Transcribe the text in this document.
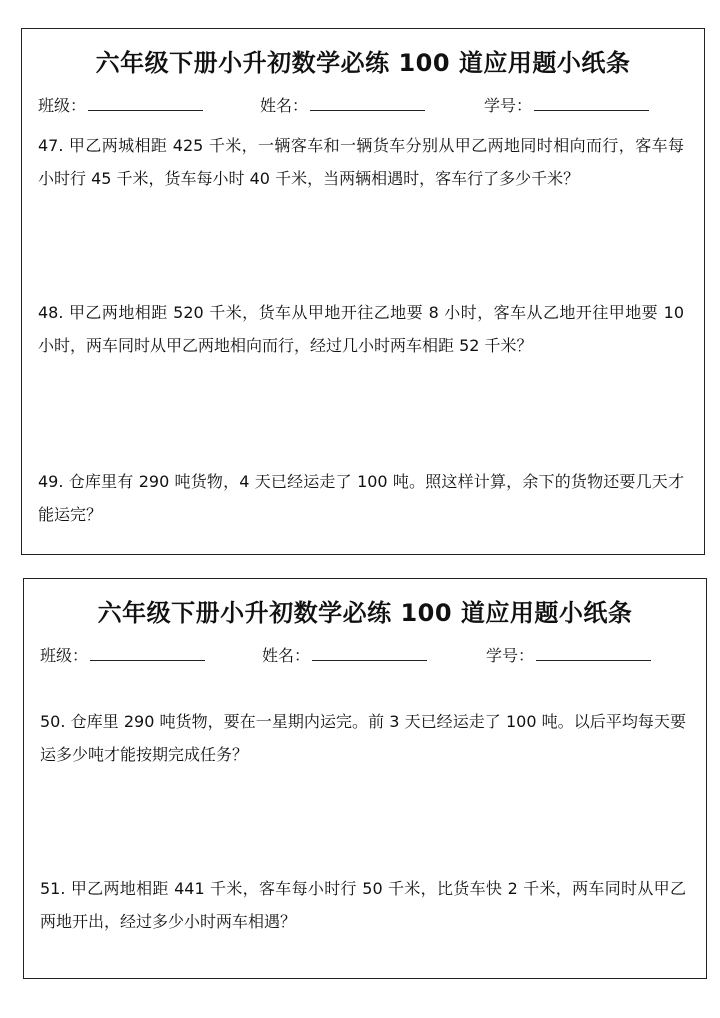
六年级下册小升初数学必练 100 道应用题小纸条
班级：	姓名：	学号：
47. 甲乙两城相距 425 千米，一辆客车和一辆货车分别从甲乙两地同时相向而行，客车每小时行 45 千米，货车每小时 40 千米，当两辆相遇时，客车行了多少千米？
48. 甲乙两地相距 520 千米，货车从甲地开往乙地要 8 小时，客车从乙地开往甲地要 10 小时，两车同时从甲乙两地相向而行，经过几小时两车相距 52 千米？
49. 仓库里有 290 吨货物，4 天已经运走了 100 吨。照这样计算，余下的货物还要几天才能运完？
六年级下册小升初数学必练 100 道应用题小纸条
班级：	姓名：	学号：
50. 仓库里 290 吨货物，要在一星期内运完。前 3 天已经运走了 100 吨。以后平均每天要运多少吨才能按期完成任务？
51. 甲乙两地相距 441 千米，客车每小时行 50 千米，比货车快 2 千米，两车同时从甲乙两地开出，经过多少小时两车相遇？
